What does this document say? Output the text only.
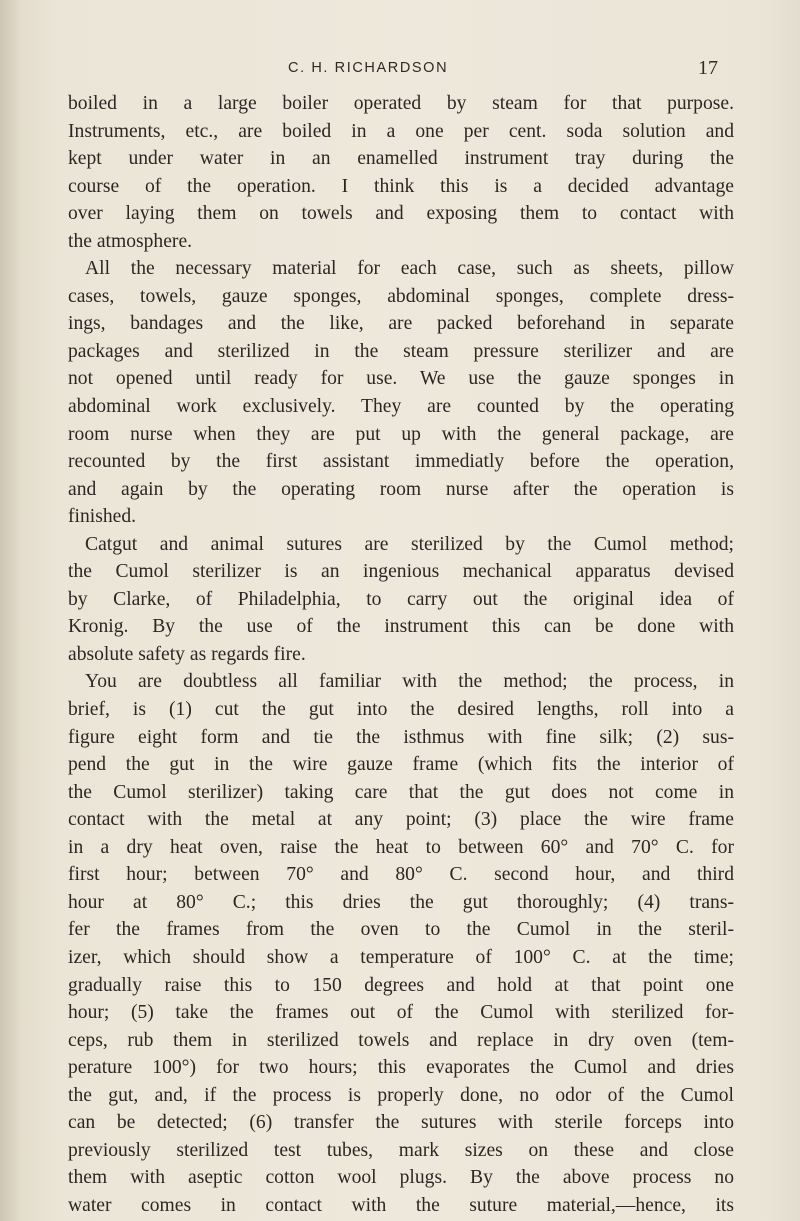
C. H. RICHARDSON	17
boiled in a large boiler operated by steam for that purpose.
Instruments, etc., are boiled in a one per cent. soda solution and
kept under water in an enamelled instrument tray during the
course of the operation. I think this is a decided advantage
over laying them on towels and exposing them to contact with
the atmosphere.
All the necessary material for each case, such as sheets, pillow
cases, towels, gauze sponges, abdominal sponges, complete dress-
ings, bandages and the like, are packed beforehand in separate
packages and sterilized in the steam pressure sterilizer and are
not opened until ready for use. We use the gauze sponges in
abdominal work exclusively. They are counted by the operating
room nurse when they are put up with the general package, are
recounted by the first assistant immediatly before the operation,
and again by the operating room nurse after the operation is
finished.
Catgut and animal sutures are sterilized by the Cumol method;
the Cumol sterilizer is an ingenious mechanical apparatus devised
by Clarke, of Philadelphia, to carry out the original idea of
Kronig. By the use of the instrument this can be done with
absolute safety as regards fire.
You are doubtless all familiar with the method; the process, in
brief, is (1) cut the gut into the desired lengths, roll into a
figure eight form and tie the isthmus with fine silk; (2) sus-
pend the gut in the wire gauze frame (which fits the interior of
the Cumol sterilizer) taking care that the gut does not come in
contact with the metal at any point; (3) place the wire frame
in a dry heat oven, raise the heat to between 60° and 70° C. for
first hour; between 70° and 80° C. second hour, and third
hour at 80° C.; this dries the gut thoroughly; (4) trans-
fer the frames from the oven to the Cumol in the steril-
izer, which should show a temperature of 100° C. at the time;
gradually raise this to 150 degrees and hold at that point one
hour; (5) take the frames out of the Cumol with sterilized for-
ceps, rub them in sterilized towels and replace in dry oven (tem-
perature 100°) for two hours; this evaporates the Cumol and dries
the gut, and, if the process is properly done, no odor of the Cumol
can be detected; (6) transfer the sutures with sterile forceps into
previously sterilized test tubes, mark sizes on these and close
them with aseptic cotton wool plugs. By the above process no
water comes in contact with the suture material,—hence, its
